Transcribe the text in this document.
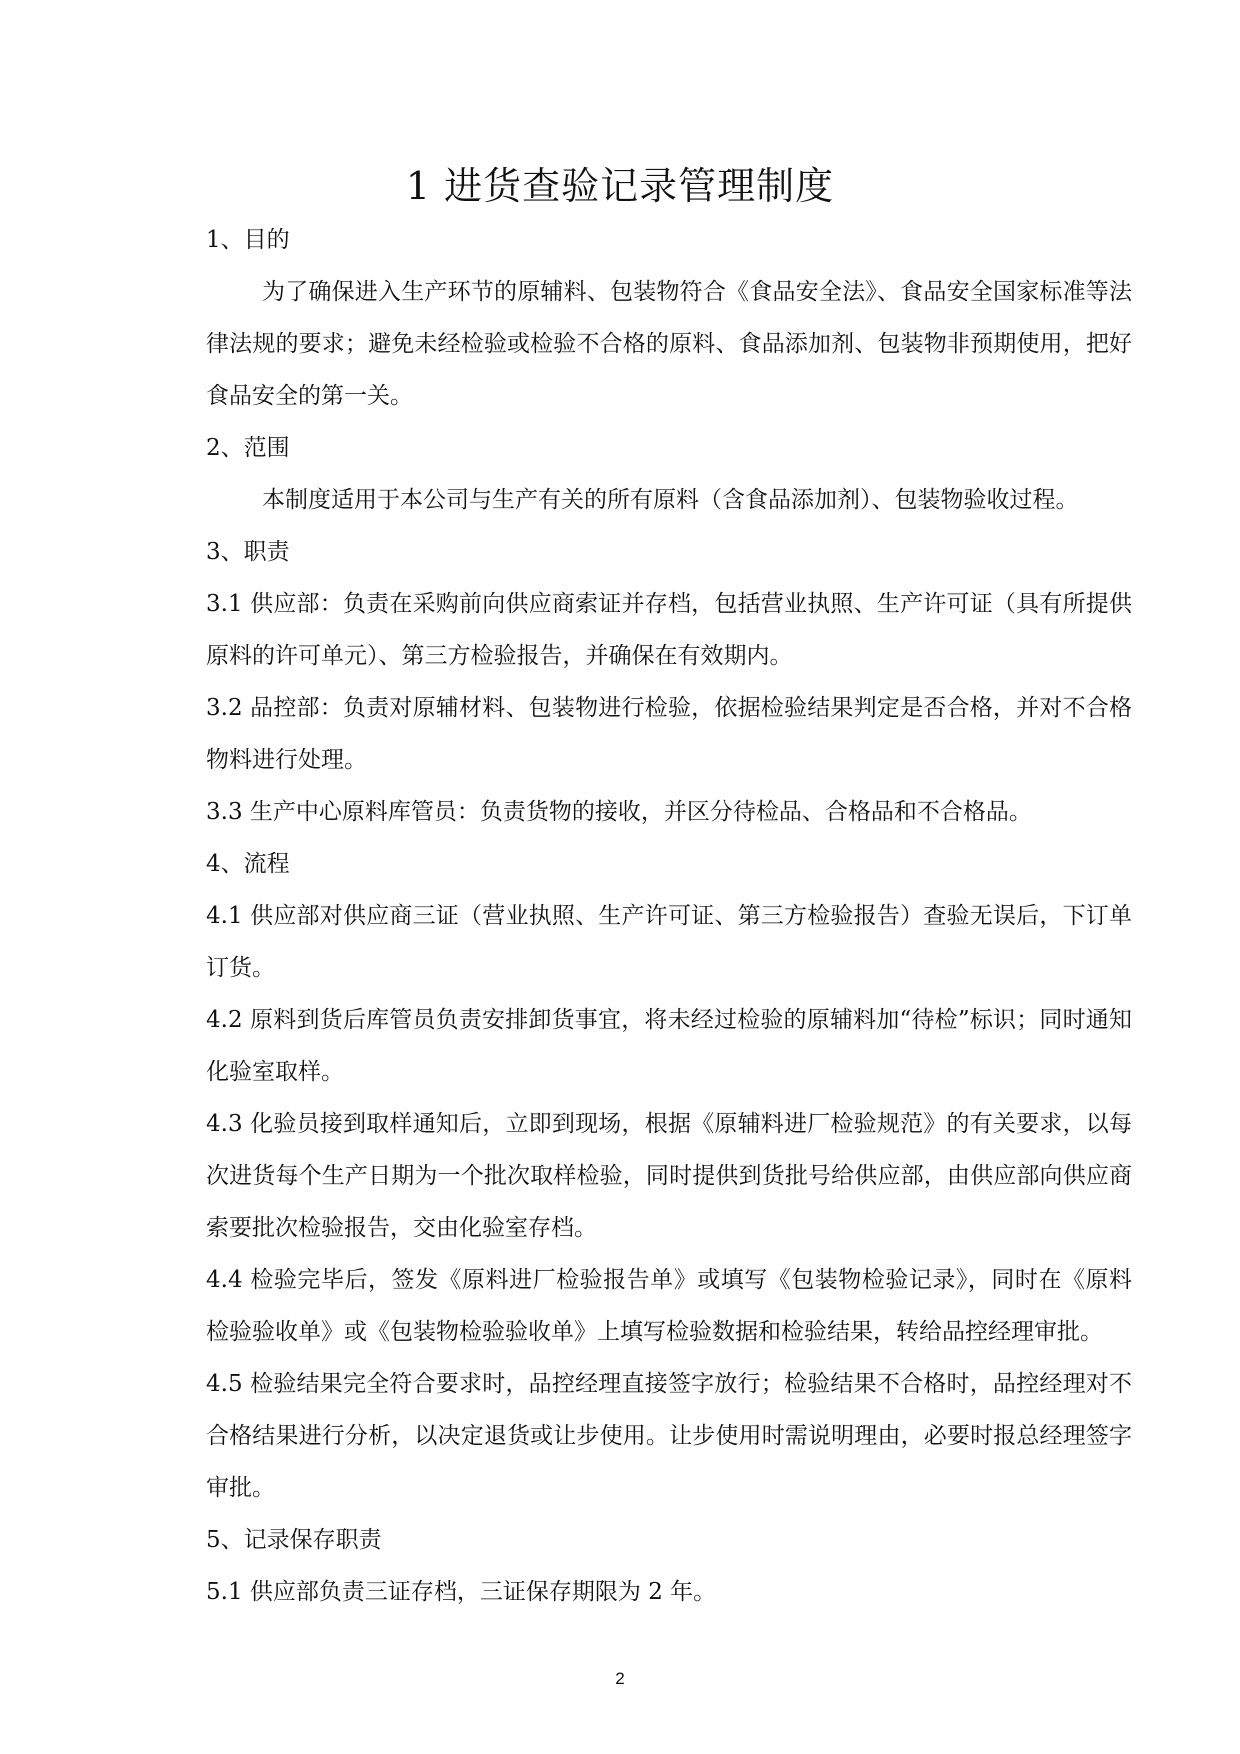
1 进货查验记录管理制度

1、目的

为了确保进入生产环节的原辅料、包装物符合《食品安全法》、食品安全国家标准等法律法规的要求；避免未经检验或检验不合格的原料、食品添加剂、包装物非预期使用，把好食品安全的第一关。

2、范围

本制度适用于本公司与生产有关的所有原料（含食品添加剂）、包装物验收过程。

3、职责

3.1 供应部：负责在采购前向供应商索证并存档，包括营业执照、生产许可证（具有所提供原料的许可单元）、第三方检验报告，并确保在有效期内。

3.2 品控部：负责对原辅材料、包装物进行检验，依据检验结果判定是否合格，并对不合格物料进行处理。

3.3 生产中心原料库管员：负责货物的接收，并区分待检品、合格品和不合格品。

4、流程

4.1 供应部对供应商三证（营业执照、生产许可证、第三方检验报告）查验无误后，下订单订货。

4.2 原料到货后库管员负责安排卸货事宜，将未经过检验的原辅料加“待检”标识；同时通知化验室取样。

4.3 化验员接到取样通知后，立即到现场，根据《原辅料进厂检验规范》的有关要求，以每次进货每个生产日期为一个批次取样检验，同时提供到货批号给供应部，由供应部向供应商索要批次检验报告，交由化验室存档。

4.4 检验完毕后，签发《原料进厂检验报告单》或填写《包装物检验记录》，同时在《原料检验验收单》或《包装物检验验收单》上填写检验数据和检验结果，转给品控经理审批。

4.5 检验结果完全符合要求时，品控经理直接签字放行；检验结果不合格时，品控经理对不合格结果进行分析，以决定退货或让步使用。让步使用时需说明理由，必要时报总经理签字审批。

5、记录保存职责

5.1 供应部负责三证存档，三证保存期限为 2 年。

2
